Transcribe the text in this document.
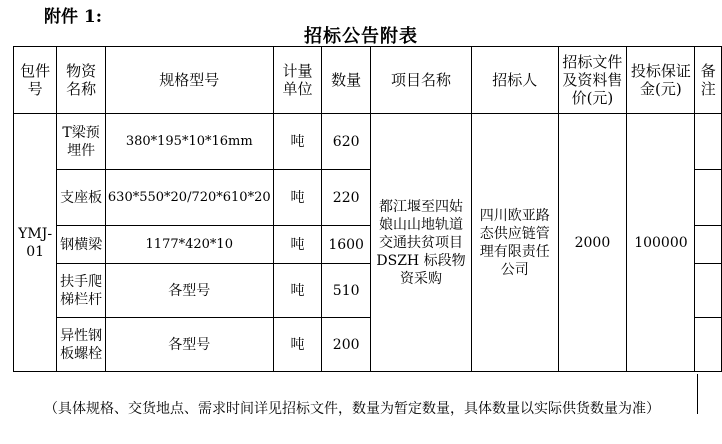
附件 1:
招标公告附表
包件号	物资名称	规格型号	计量单位	数量	项目名称	招标人	招标文件及资料售价(元)	投标保证金(元)	备注
YMJ-01	T梁预埋件	380*195*10*16mm	吨	620	都江堰至四姑娘山山地轨道交通扶贫项目 DSZH 标段物资采购	四川欧亚路态供应链管理有限责任公司	2000	100000	
	支座板	630*550*20/720*610*20	吨	220					
	钢横梁	1177*420*10	吨	1600					
	扶手爬梯栏杆	各型号	吨	510					
	异性钢板螺栓	各型号	吨	200					
（具体规格、交货地点、需求时间详见招标文件，数量为暂定数量，具体数量以实际供货数量为准）
